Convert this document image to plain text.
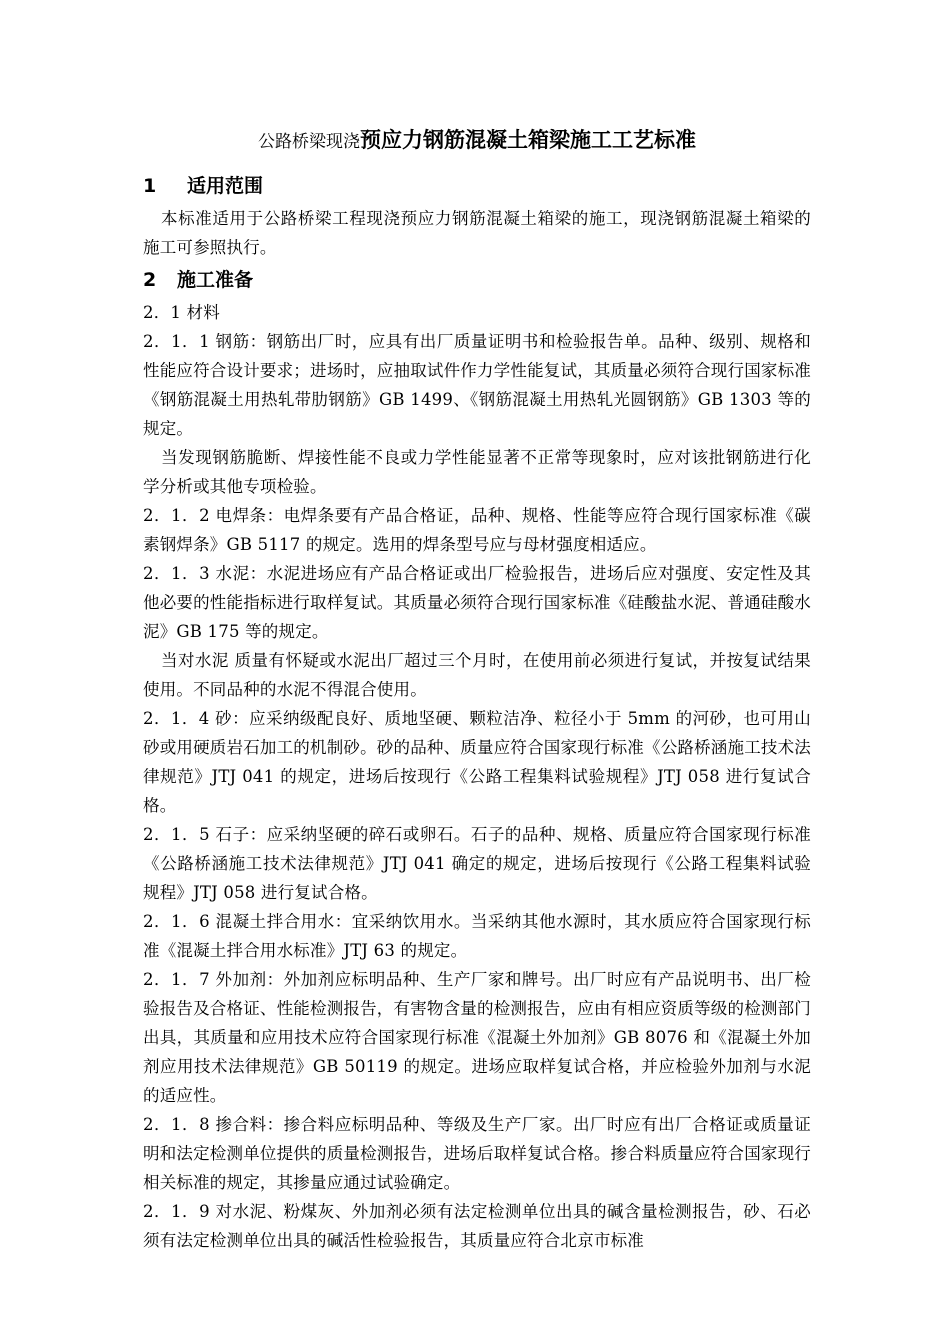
公路桥梁现浇预应力钢筋混凝土箱梁施工工艺标准
1 适用范围

本标准适用于公路桥梁工程现浇预应力钢筋混凝土箱梁的施工，现浇钢筋混凝土箱梁的施工可参照执行。

2 施工准备

2．1 材料

2．1．1 钢筋：钢筋出厂时，应具有出厂质量证明书和检验报告单。品种、级别、规格和性能应符合设计要求；进场时，应抽取试件作力学性能复试，其质量必须符合现行国家标准《钢筋混凝土用热轧带肋钢筋》GB 1499、《钢筋混凝土用热轧光圆钢筋》GB 1303 等的规定。

当发现钢筋脆断、焊接性能不良或力学性能显著不正常等现象时，应对该批钢筋进行化学分析或其他专项检验。

2．1．2 电焊条：电焊条要有产品合格证，品种、规格、性能等应符合现行国家标准《碳素钢焊条》GB 5117 的规定。选用的焊条型号应与母材强度相适应。

2．1．3 水泥：水泥进场应有产品合格证或出厂检验报告，进场后应对强度、安定性及其他必要的性能指标进行取样复试。其质量必须符合现行国家标准《硅酸盐水泥、普通硅酸水泥》GB 175 等的规定。

当对水泥 质量有怀疑或水泥出厂超过三个月时，在使用前必须进行复试，并按复试结果使用。不同品种的水泥不得混合使用。

2．1．4 砂：应采纳级配良好、质地坚硬、颗粒洁净、粒径小于 5mm 的河砂，也可用山砂或用硬质岩石加工的机制砂。砂的品种、质量应符合国家现行标准《公路桥涵施工技术法律规范》JTJ 041 的规定，进场后按现行《公路工程集料试验规程》JTJ 058 进行复试合格。

2．1．5 石子：应采纳坚硬的碎石或卵石。石子的品种、规格、质量应符合国家现行标准《公路桥涵施工技术法律规范》JTJ 041 确定的规定，进场后按现行《公路工程集料试验规程》JTJ 058 进行复试合格。

2．1．6 混凝土拌合用水：宜采纳饮用水。当采纳其他水源时，其水质应符合国家现行标准《混凝土拌合用水标准》JTJ 63 的规定。

2．1．7 外加剂：外加剂应标明品种、生产厂家和牌号。出厂时应有产品说明书、出厂检验报告及合格证、性能检测报告，有害物含量的检测报告，应由有相应资质等级的检测部门出具，其质量和应用技术应符合国家现行标准《混凝土外加剂》GB 8076 和《混凝土外加剂应用技术法律规范》GB 50119 的规定。进场应取样复试合格，并应检验外加剂与水泥的适应性。

2．1．8 掺合料：掺合料应标明品种、等级及生产厂家。出厂时应有出厂合格证或质量证明和法定检测单位提供的质量检测报告，进场后取样复试合格。掺合料质量应符合国家现行相关标准的规定，其掺量应通过试验确定。

2．1．9 对水泥、粉煤灰、外加剂必须有法定检测单位出具的碱含量检测报告，砂、石必须有法定检测单位出具的碱活性检验报告，其质量应符合北京市标准
